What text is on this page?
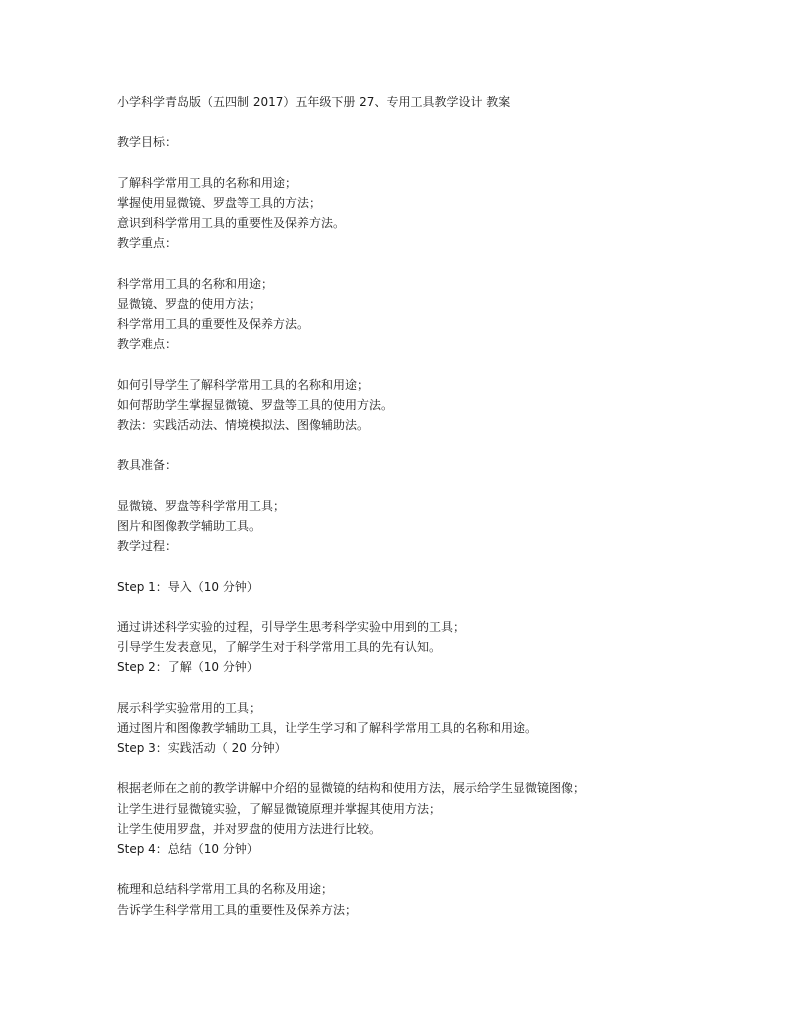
小学科学青岛版（五四制 2017）五年级下册 27、专用工具教学设计 教案
教学目标：
了解科学常用工具的名称和用途；
掌握使用显微镜、罗盘等工具的方法；
意识到科学常用工具的重要性及保养方法。
教学重点：
科学常用工具的名称和用途；
显微镜、罗盘的使用方法；
科学常用工具的重要性及保养方法。
教学难点：
如何引导学生了解科学常用工具的名称和用途；
如何帮助学生掌握显微镜、罗盘等工具的使用方法。
教法：实践活动法、情境模拟法、图像辅助法。
教具准备：
显微镜、罗盘等科学常用工具；
图片和图像教学辅助工具。
教学过程：
Step 1：导入（10 分钟）
通过讲述科学实验的过程，引导学生思考科学实验中用到的工具；
引导学生发表意见，了解学生对于科学常用工具的先有认知。
Step 2：了解（10 分钟）
展示科学实验常用的工具；
通过图片和图像教学辅助工具，让学生学习和了解科学常用工具的名称和用途。
Step 3：实践活动（ 20 分钟）
根据老师在之前的教学讲解中介绍的显微镜的结构和使用方法，展示给学生显微镜图像；
让学生进行显微镜实验，了解显微镜原理并掌握其使用方法；
让学生使用罗盘，并对罗盘的使用方法进行比较。
Step 4：总结（10 分钟）
梳理和总结科学常用工具的名称及用途；
告诉学生科学常用工具的重要性及保养方法；
